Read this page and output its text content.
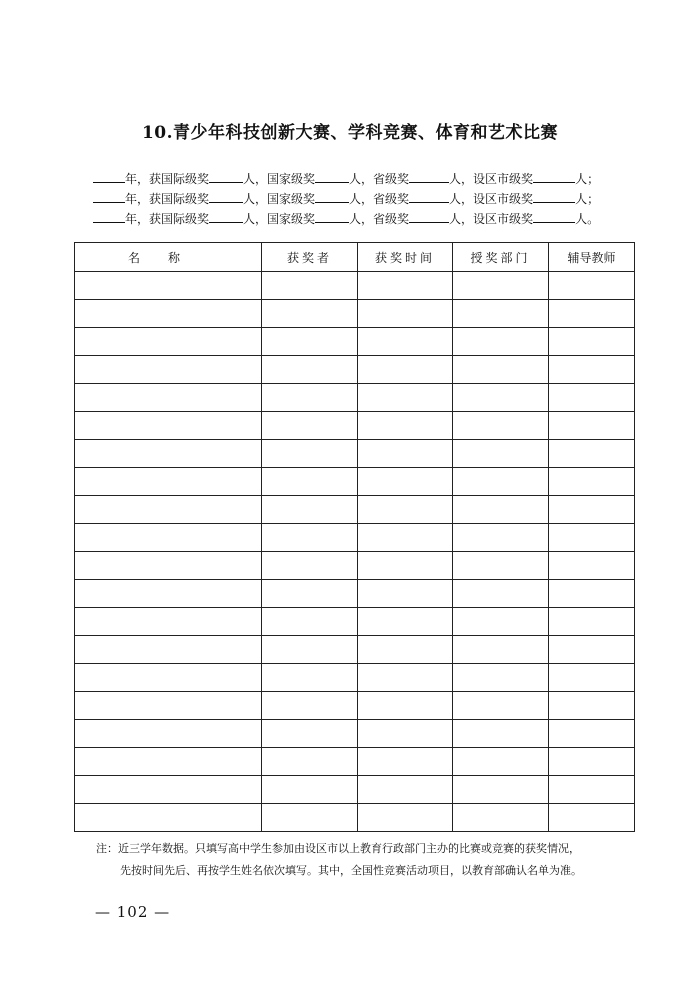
10.青少年科技创新大赛、学科竞赛、体育和艺术比赛
年，获国际级奖	人，国家级奖	人，省级奖	人，设区市级奖	人；
年，获国际级奖	人，国家级奖	人，省级奖	人，设区市级奖	人；
年，获国际级奖	人，国家级奖	人，省级奖	人，设区市级奖	人。
名称	获奖者	获奖时间	授奖部门	辅导教师

注：近三学年数据。只填写高中学生参加由设区市以上教育行政部门主办的比赛或竞赛的获奖情况，
先按时间先后、再按学生姓名依次填写。其中，全国性竞赛活动项目，以教育部确认名单为准。
— 102 —
